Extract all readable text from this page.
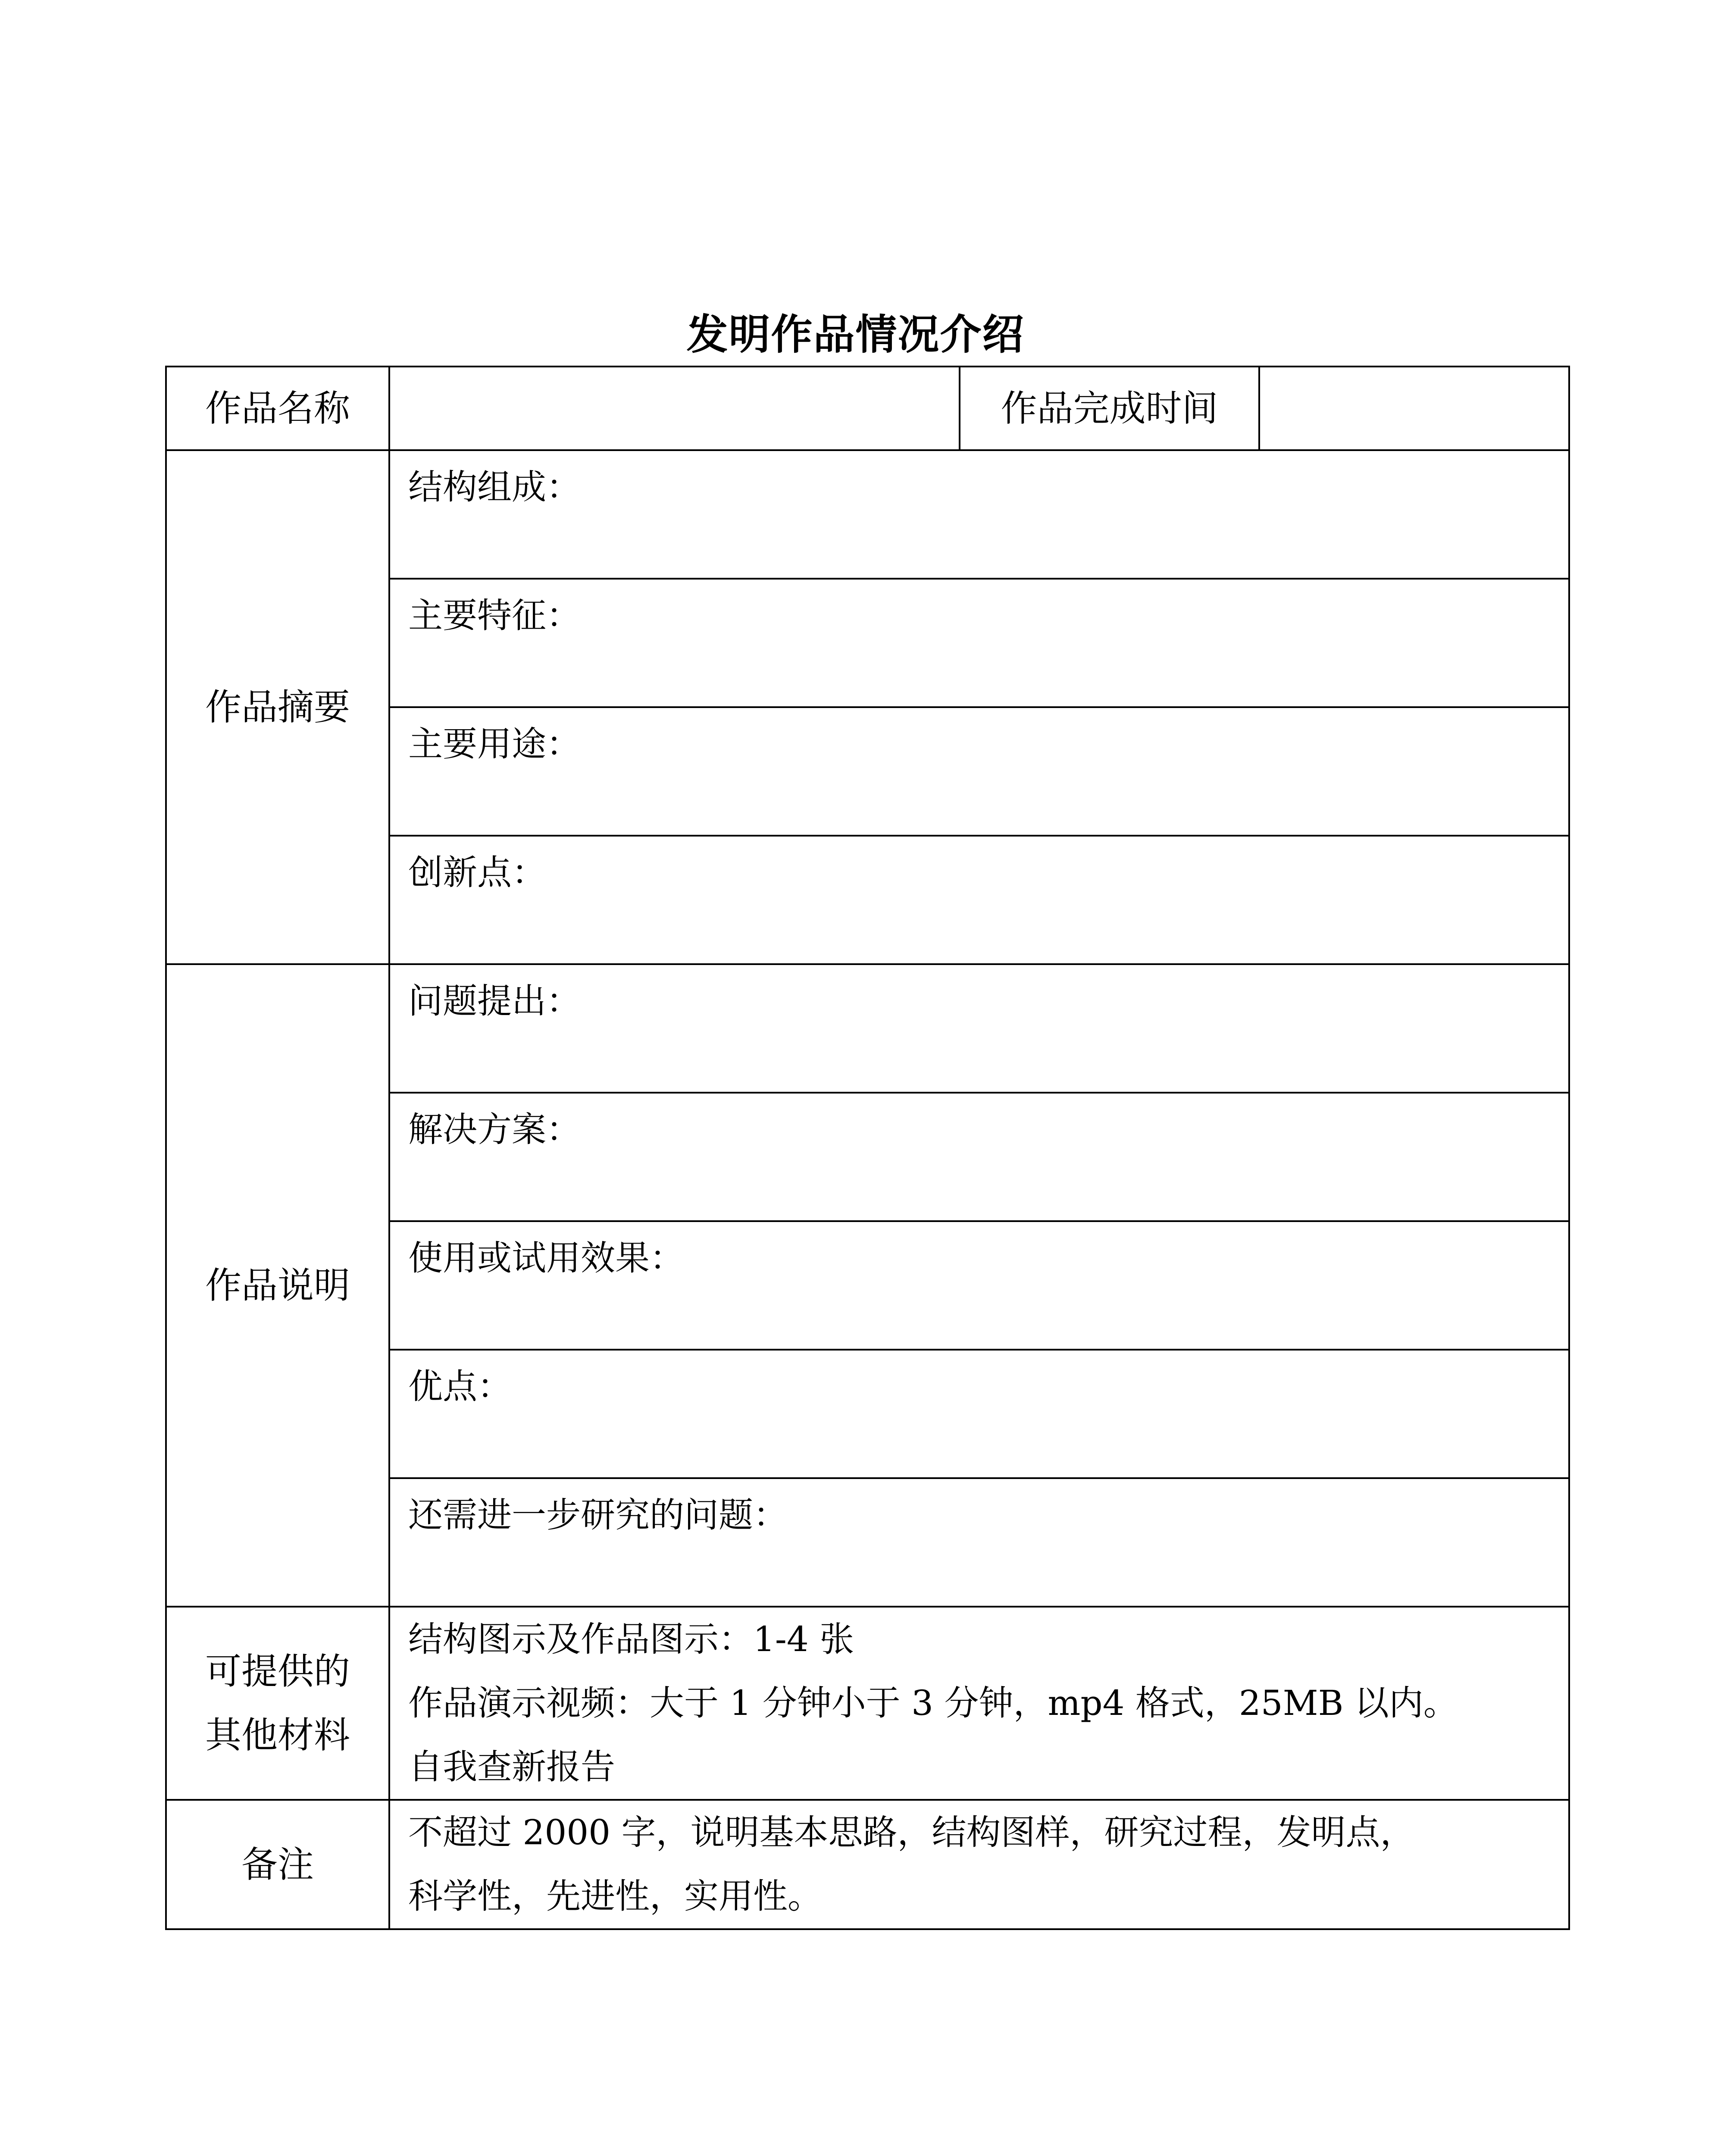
发明作品情况介绍
作品名称		作品完成时间	
作品摘要	结构组成：		
	主要特征：		
	主要用途：		
	创新点：		
作品说明	问题提出：		
	解决方案：		
	使用或试用效果：		
	优点：		
	还需进一步研究的问题：		

可提供的
其他材料	结构图示及作品图示：1-4 张
作品演示视频：大于 1 分钟小于 3 分钟，mp4 格式，25MB 以内。
自我查新报告		

备注	不超过 2000 字，说明基本思路，结构图样，研究过程，发明点，
科学性，先进性，实用性。		
